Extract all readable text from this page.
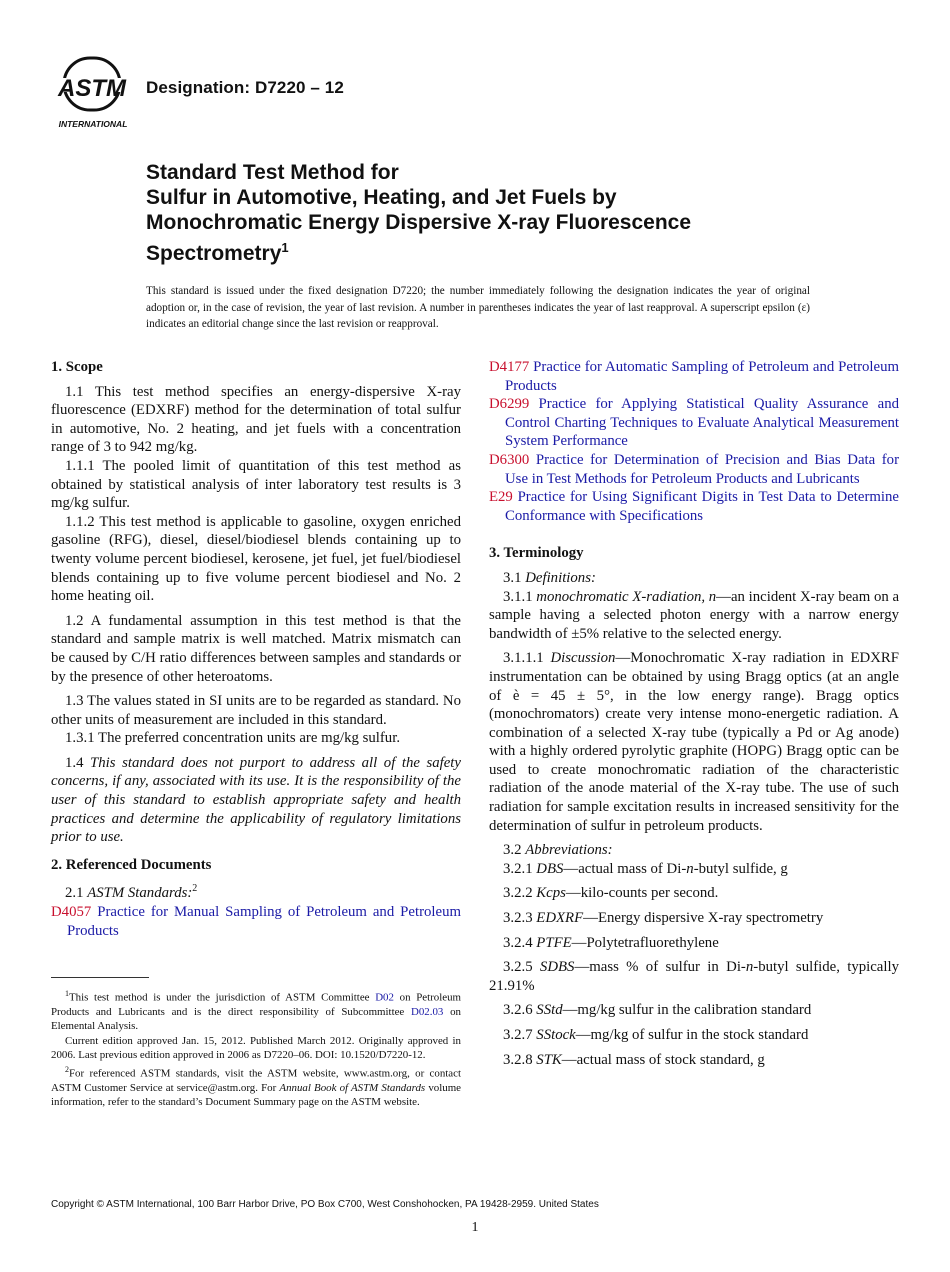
ASTM
INTERNATIONAL
Designation: D7220 – 12
Standard Test Method for
Sulfur in Automotive, Heating, and Jet Fuels by
Monochromatic Energy Dispersive X-ray Fluorescence
Spectrometry$^1$
This standard is issued under the fixed designation D7220; the number immediately following the designation indicates the year of original adoption or, in the case of revision, the year of last revision. A number in parentheses indicates the year of last reapproval. A superscript epsilon (ε) indicates an editorial change since the last revision or reapproval.

1. Scope

1.1 This test method specifies an energy-dispersive X-ray fluorescence (EDXRF) method for the determination of total sulfur in automotive, No. 2 heating, and jet fuels with a concentration range of 3 to 942 mg/kg.

1.1.1 The pooled limit of quantitation of this test method as obtained by statistical analysis of inter laboratory test results is 3 mg/kg sulfur.

1.1.2 This test method is applicable to gasoline, oxygen enriched gasoline (RFG), diesel, diesel/biodiesel blends containing up to twenty volume percent biodiesel, kerosene, jet fuel, jet fuel/biodiesel blends containing up to five volume percent biodiesel and No. 2 home heating oil.

1.2 A fundamental assumption in this test method is that the standard and sample matrix is well matched. Matrix mismatch can be caused by C/H ratio differences between samples and standards or by the presence of other heteroatoms.

1.3 The values stated in SI units are to be regarded as standard. No other units of measurement are included in this standard.

1.3.1 The preferred concentration units are mg/kg sulfur.

1.4 This standard does not purport to address all of the safety concerns, if any, associated with its use. It is the responsibility of the user of this standard to establish appropriate safety and health practices and determine the applicability of regulatory limitations prior to use.

2. Referenced Documents

2.1 ASTM Standards:$^2$

D4057 Practice for Manual Sampling of Petroleum and Petroleum Products

$^1$This test method is under the jurisdiction of ASTM Committee D02 on Petroleum Products and Lubricants and is the direct responsibility of Subcommittee D02.03 on Elemental Analysis.

Current edition approved Jan. 15, 2012. Published March 2012. Originally approved in 2006. Last previous edition approved in 2006 as D7220–06. DOI: 10.1520/D7220-12.

$^2$For referenced ASTM standards, visit the ASTM website, www.astm.org, or contact ASTM Customer Service at service@astm.org. For Annual Book of ASTM Standards volume information, refer to the standard’s Document Summary page on the ASTM website.

D4177 Practice for Automatic Sampling of Petroleum and Petroleum Products

D6299 Practice for Applying Statistical Quality Assurance and Control Charting Techniques to Evaluate Analytical Measurement System Performance

D6300 Practice for Determination of Precision and Bias Data for Use in Test Methods for Petroleum Products and Lubricants

E29 Practice for Using Significant Digits in Test Data to Determine Conformance with Specifications

3. Terminology

3.1 Definitions:

3.1.1 monochromatic X-radiation, n—an incident X-ray beam on a sample having a selected photon energy with a narrow energy bandwidth of ±5% relative to the selected energy.

3.1.1.1 Discussion—Monochromatic X-ray radiation in EDXRF instrumentation can be obtained by using Bragg optics (at an angle of è = 45 ± 5°, in the low energy range). Bragg optics (monochromators) create very intense mono-energetic radiation. A combination of a selected X-ray tube (typically a Pd or Ag anode) with a highly ordered pyrolytic graphite (HOPG) Bragg optic can be used to create monochromatic radiation of the characteristic radiation of the anode material of the X-ray tube. The use of such radiation for sample excitation results in increased sensitivity for the determination of sulfur in petroleum products.

3.2 Abbreviations:

3.2.1 DBS—actual mass of Di-n-butyl sulfide, g

3.2.2 Kcps—kilo-counts per second.

3.2.3 EDXRF—Energy dispersive X-ray spectrometry

3.2.4 PTFE—Polytetrafluorethylene

3.2.5 SDBS—mass % of sulfur in Di-n-butyl sulfide, typically 21.91%

3.2.6 SStd—mg/kg sulfur in the calibration standard

3.2.7 SStock—mg/kg of sulfur in the stock standard

3.2.8 STK—actual mass of stock standard, g

Copyright © ASTM International, 100 Barr Harbor Drive, PO Box C700, West Conshohocken, PA 19428-2959. United States
1
